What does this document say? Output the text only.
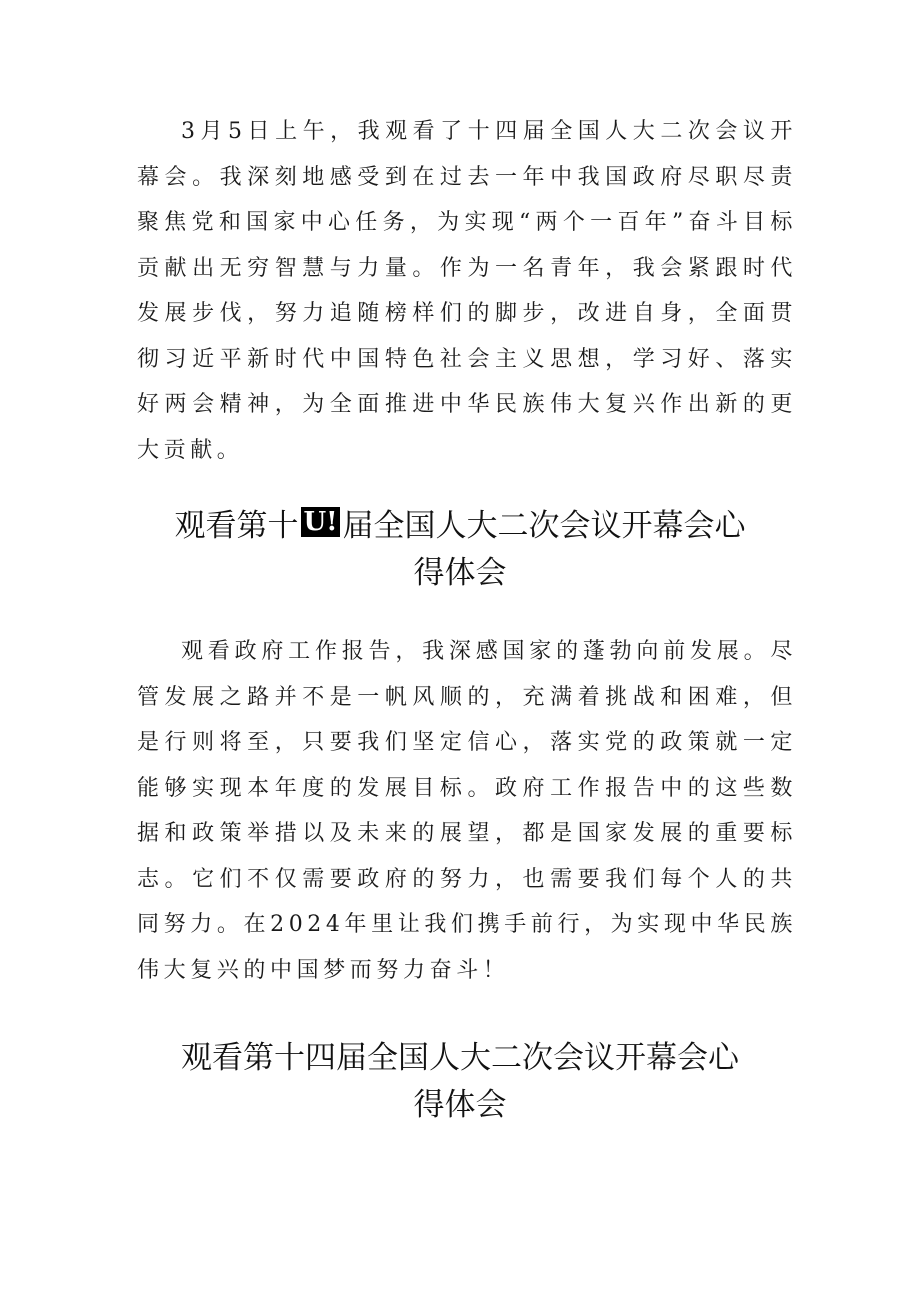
3月5日上午，我观看了十四届全国人大二次会议开幕会。我深刻地感受到在过去一年中我国政府尽职尽责聚焦党和国家中心任务，为实现“两个一百年”奋斗目标贡献出无穷智慧与力量。作为一名青年，我会紧跟时代发展步伐，努力追随榜样们的脚步，改进自身，全面贯彻习近平新时代中国特色社会主义思想，学习好、落实好两会精神，为全面推进中华民族伟大复兴作出新的更大贡献。

观看第十 U! 届全国人大二次会议开幕会心
得体会

观看政府工作报告，我深感国家的蓬勃向前发展。尽管发展之路并不是一帆风顺的，充满着挑战和困难，但是行则将至，只要我们坚定信心，落实党的政策就一定能够实现本年度的发展目标。政府工作报告中的这些数据和政策举措以及未来的展望，都是国家发展的重要标志。它们不仅需要政府的努力，也需要我们每个人的共同努力。在2024年里让我们携手前行，为实现中华民族伟大复兴的中国梦而努力奋斗！

观看第十四届全国人大二次会议开幕会心
得体会
